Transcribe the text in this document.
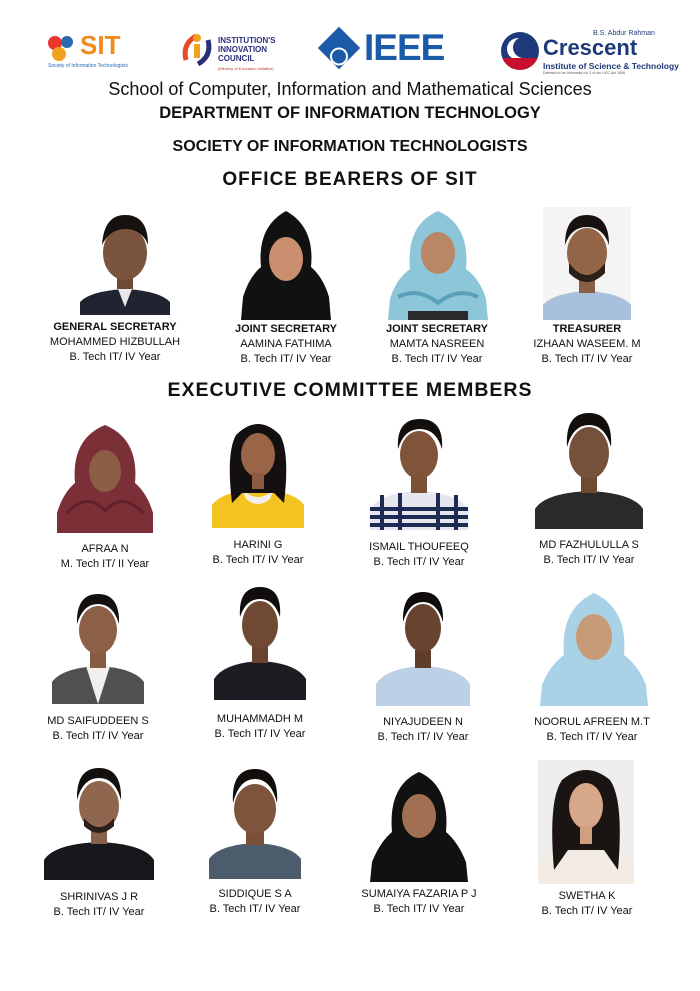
SIT
Society of Information Technologists
INSTITUTION'S
INNOVATION
COUNCIL
(Ministry of Education Initiative)
IEEE	B.S. Abdur Rahman
Crescent
Institute of Science & Technology
Deemed to be University u/s 3 of the UGC Act 1956
School of Computer, Information and Mathematical Sciences
DEPARTMENT OF INFORMATION TECHNOLOGY
SOCIETY OF INFORMATION TECHNOLOGISTS
OFFICE BEARERS OF SIT
EXECUTIVE COMMITTEE MEMBERS
GENERAL SECRETARY
MOHAMMED HIZBULLAH
B. Tech IT/ IV Year
JOINT SECRETARY
AAMINA FATHIMA
B. Tech IT/ IV Year
JOINT SECRETARY
MAMTA NASREEN
B. Tech IT/ IV Year
TREASURER
IZHAAN WASEEM. M
B. Tech IT/ IV Year
AFRAA N
M. Tech IT/ II Year
HARINI G
B. Tech IT/ IV Year
ISMAIL THOUFEEQ
B. Tech IT/ IV Year
MD FAZHULULLA S
B. Tech IT/ IV Year
MD SAIFUDDEEN S
B. Tech IT/ IV Year
MUHAMMADH M
B. Tech IT/ IV Year
NIYAJUDEEN N
B. Tech IT/ IV Year
NOORUL AFREEN M.T
B. Tech IT/ IV Year
SHRINIVAS J R
B. Tech IT/ IV Year
SIDDIQUE S A
B. Tech IT/ IV Year
SUMAIYA FAZARIA P J
B. Tech IT/ IV Year
SWETHA K
B. Tech IT/ IV Year
